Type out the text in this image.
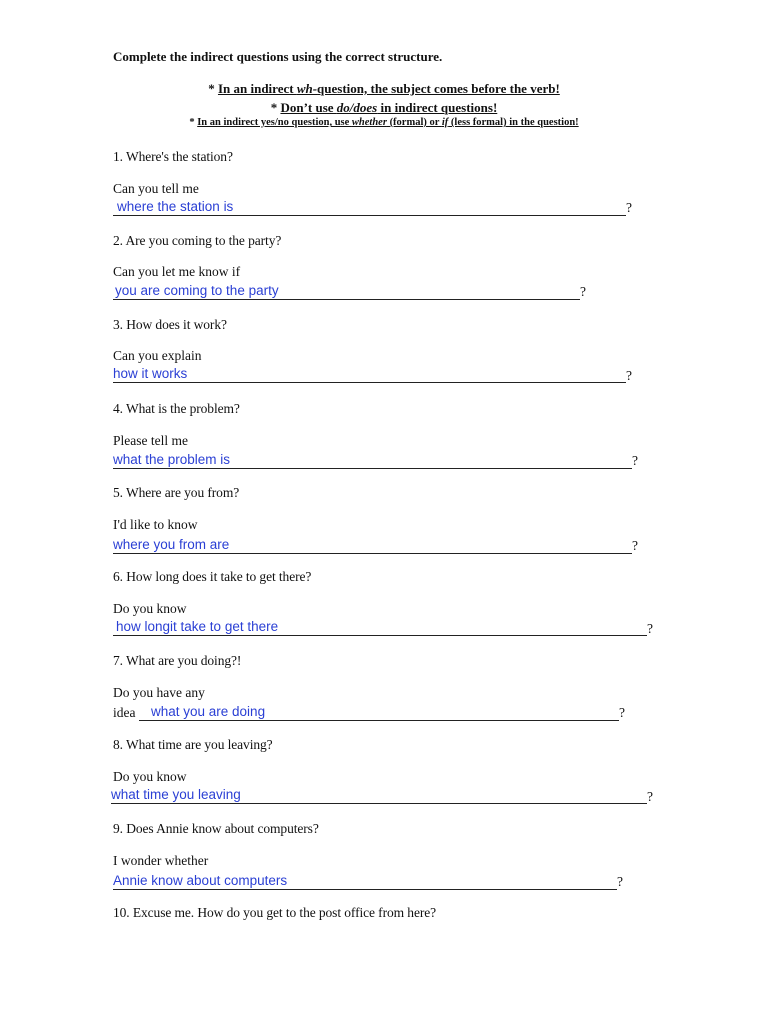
Complete the indirect questions using the correct structure.
* In an indirect wh-question, the subject comes before the verb!
* Don’t use do/does in indirect questions!
* In an indirect yes/no question, use whether (formal) or if (less formal) in the question!
1. Where's the station?
Can you tell me
where the station is	?
2. Are you coming to the party?
Can you let me know if
you are coming to the party	?
3. How does it work?
Can you explain
how it works	?
4. What is the problem?
Please tell me
what the problem is	?
5. Where are you from?
I'd like to know
where you from are	?
6. How long does it take to get there?
Do you know
how longit take to get there	?
7. What are you doing?!
Do you have any
idea what you are doing	?
8. What time are you leaving?
Do you know
what time you leaving	?
9. Does Annie know about computers?
I wonder whether
Annie know about computers	?
10. Excuse me. How do you get to the post office from here?
